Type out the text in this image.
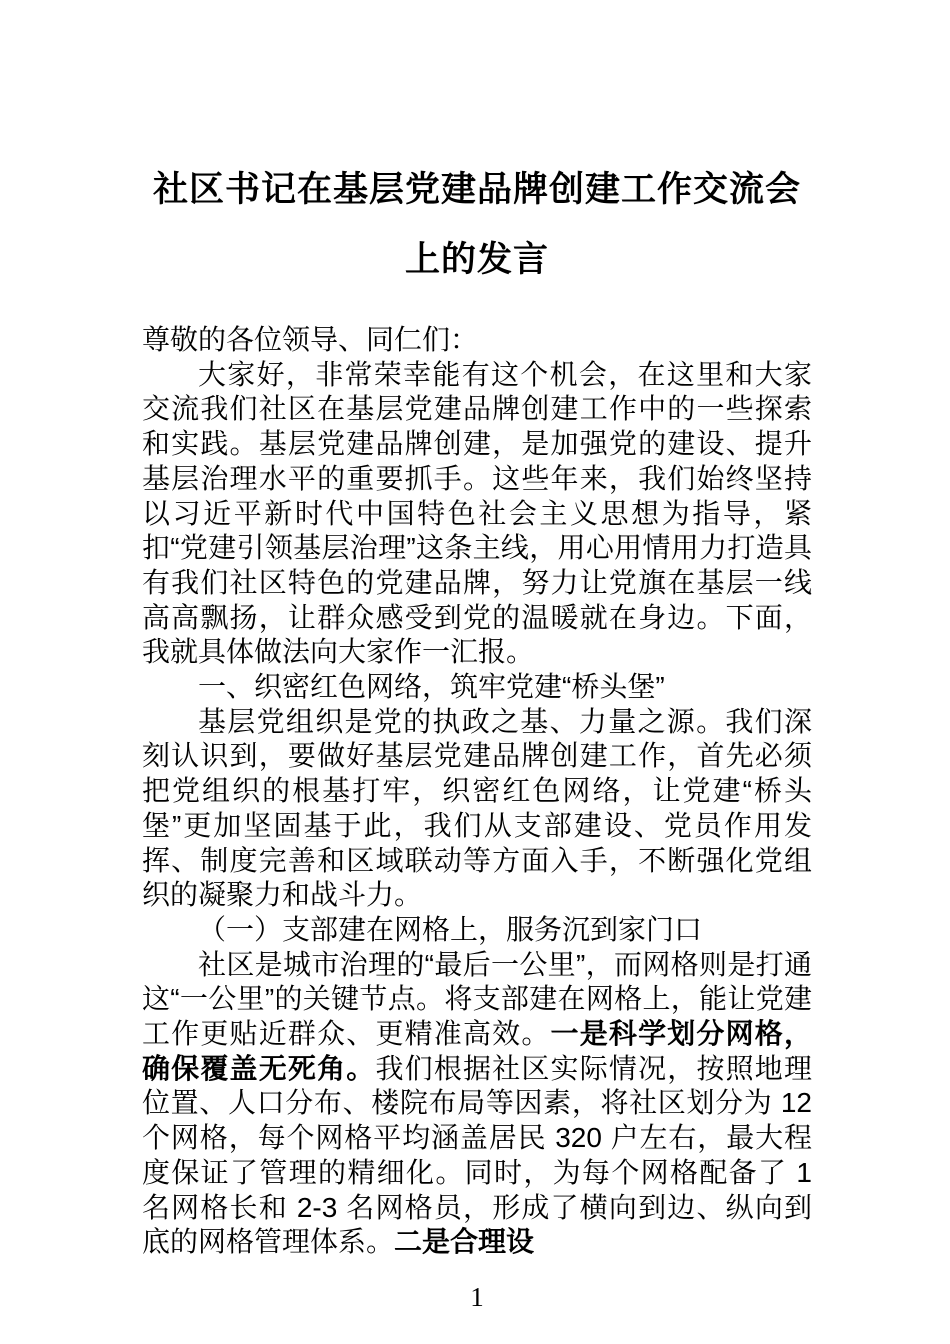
社区书记在基层党建品牌创建工作交流会
上的发言

尊敬的各位领导、同仁们：

大家好，非常荣幸能有这个机会，在这里和大家交流我们社区在基层党建品牌创建工作中的一些探索和实践。基层党建品牌创建，是加强党的建设、提升基层治理水平的重要抓手。这些年来，我们始终坚持以习近平新时代中国特色社会主义思想为指导，紧扣“党建引领基层治理”这条主线，用心用情用力打造具有我们社区特色的党建品牌，努力让党旗在基层一线高高飘扬，让群众感受到党的温暖就在身边。下面，我就具体做法向大家作一汇报。

一、织密红色网络，筑牢党建“桥头堡”

基层党组织是党的执政之基、力量之源。我们深刻认识到，要做好基层党建品牌创建工作，首先必须把党组织的根基打牢，织密红色网络，让党建“桥头堡”更加坚固基于此，我们从支部建设、党员作用发挥、制度完善和区域联动等方面入手，不断强化党组织的凝聚力和战斗力。

（一）支部建在网格上，服务沉到家门口

社区是城市治理的“最后一公里”，而网格则是打通这“一公里”的关键节点。将支部建在网格上，能让党建工作更贴近群众、更精准高效。一是科学划分网格，确保覆盖无死角。我们根据社区实际情况，按照地理位置、人口分布、楼院布局等因素，将社区划分为 12 个网格，每个网格平均涵盖居民 320 户左右，最大程度保证了管理的精细化。同时，为每个网格配备了 1 名网格长和 2-3 名网格员，形成了横向到边、纵向到底的网格管理体系。二是合理设

1
